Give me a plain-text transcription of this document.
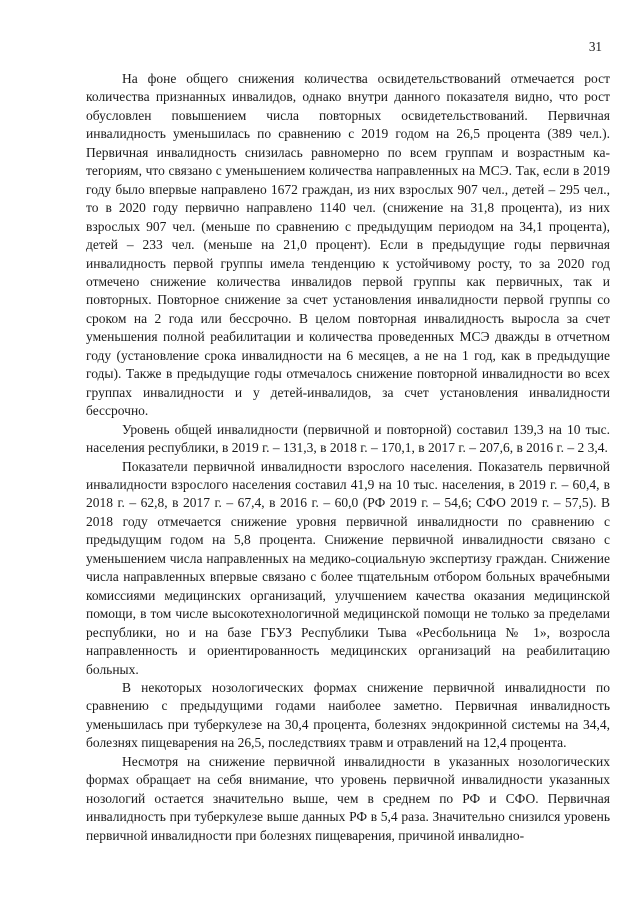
31

На фоне общего снижения количества освидетельствований отмечается рост количества признанных инвалидов, однако внутри данного показателя видно, что рост обусловлен повышением числа повторных освидетельствований. Первичная инвалидность уменьшилась по сравнению с 2019 годом на 26,5 процента (389 чел.). Первичная инвалидность снизилась равномерно по всем группам и возрастным категориям, что связано с уменьшением количества направленных на МСЭ. Так, если в 2019 году было впервые направлено 1672 граждан, из них взрослых 907 чел., детей – 295 чел., то в 2020 году первично направлено 1140 чел. (снижение на 31,8 процента), из них взрослых 907 чел. (меньше по сравнению с предыдущим периодом на 34,1 процента), детей – 233 чел. (меньше на 21,0 процент). Если в предыдущие годы первичная инвалидность первой группы имела тенденцию к устойчивому росту, то за 2020 год отмечено снижение количества инвалидов первой группы как первичных, так и повторных. Повторное снижение за счет установления инвалидности первой группы со сроком на 2 года или бессрочно. В целом повторная инвалидность выросла за счет уменьшения полной реабилитации и количества проведенных МСЭ дважды в отчетном году (установление срока инвалидности на 6 месяцев, а не на 1 год, как в предыдущие годы). Также в предыдущие годы отмечалось снижение повторной инвалидности во всех группах инвалидности и у детей-инвалидов, за счет установления инвалидности бессрочно.

Уровень общей инвалидности (первичной и повторной) составил 139,3 на 10 тыс. населения республики, в 2019 г. – 131,3, в 2018 г. – 170,1, в 2017 г. – 207,6, в 2016 г. – 2 3,4.

Показатели первичной инвалидности взрослого населения. Показатель первичной инвалидности взрослого населения составил 41,9 на 10 тыс. населения, в 2019 г. – 60,4, в 2018 г. – 62,8, в 2017 г. – 67,4, в 2016 г. – 60,0 (РФ 2019 г. – 54,6; СФО 2019 г. – 57,5). В 2018 году отмечается снижение уровня первичной инвалидности по сравнению с предыдущим годом на 5,8 процента. Снижение первичной инвалидности связано с уменьшением числа направленных на медико-социальную экспертизу граждан. Снижение числа направленных впервые связано с более тщательным отбором больных врачебными комиссиями медицинских организаций, улучшением качества оказания медицинской помощи, в том числе высокотехнологичной медицинской помощи не только за пределами республики, но и на базе ГБУЗ Республики Тыва «Ресбольница № 1», возросла направленность и ориентированность медицинских организаций на реабилитацию больных.

В некоторых нозологических формах снижение первичной инвалидности по сравнению с предыдущими годами наиболее заметно. Первичная инвалидность уменьшилась при туберкулезе на 30,4 процента, болезнях эндокринной системы на 34,4, болезнях пищеварения на 26,5, последствиях травм и отравлений на 12,4 процента.

Несмотря на снижение первичной инвалидности в указанных нозологических формах обращает на себя внимание, что уровень первичной инвалидности указанных нозологий остается значительно выше, чем в среднем по РФ и СФО. Первичная инвалидность при туберкулезе выше данных РФ в 5,4 раза. Значительно снизился уровень первичной инвалидности при болезнях пищеварения, причиной инвалидно-
